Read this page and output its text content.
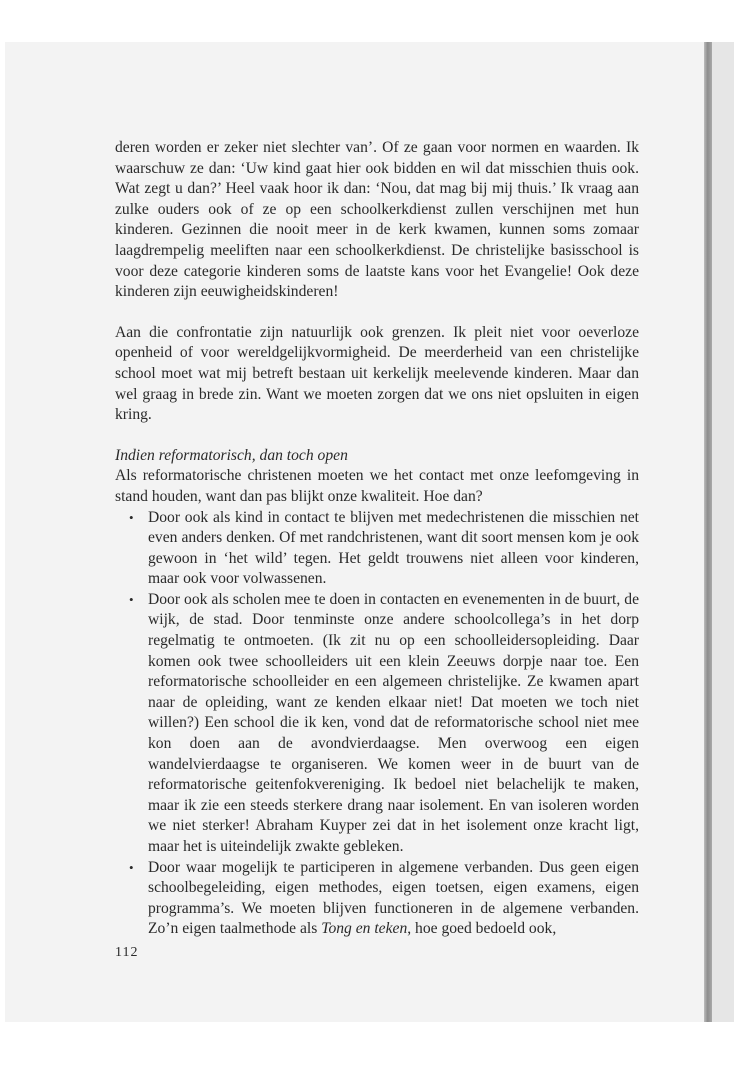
deren worden er zeker niet slechter van’. Of ze gaan voor normen en waarden. Ik waarschuw ze dan: ‘Uw kind gaat hier ook bidden en wil dat misschien thuis ook. Wat zegt u dan?’ Heel vaak hoor ik dan: ‘Nou, dat mag bij mij thuis.’ Ik vraag aan zulke ouders ook of ze op een schoolkerkdienst zullen verschijnen met hun kinderen. Gezinnen die nooit meer in de kerk kwamen, kunnen soms zomaar laagdrempelig meeliften naar een schoolkerkdienst. De christelijke basisschool is voor deze categorie kinderen soms de laatste kans voor het Evangelie! Ook deze kinderen zijn eeuwigheidskinderen!

Aan die confrontatie zijn natuurlijk ook grenzen. Ik pleit niet voor oeverloze openheid of voor wereldgelijkvormigheid. De meerderheid van een christelijke school moet wat mij betreft bestaan uit kerkelijk meelevende kinderen. Maar dan wel graag in brede zin. Want we moeten zorgen dat we ons niet opsluiten in eigen kring.

Indien reformatorisch, dan toch open

Als reformatorische christenen moeten we het contact met onze leefomgeving in stand houden, want dan pas blijkt onze kwaliteit. Hoe dan?

• Door ook als kind in contact te blijven met medechristenen die misschien net even anders denken. Of met randchristenen, want dit soort mensen kom je ook gewoon in ‘het wild’ tegen. Het geldt trouwens niet alleen voor kinderen, maar ook voor volwassenen.
• Door ook als scholen mee te doen in contacten en evenementen in de buurt, de wijk, de stad. Door tenminste onze andere schoolcollega’s in het dorp regelmatig te ontmoeten. (Ik zit nu op een schoolleidersopleiding. Daar komen ook twee schoolleiders uit een klein Zeeuws dorpje naar toe. Een reformatorische schoolleider en een algemeen christelijke. Ze kwamen apart naar de opleiding, want ze kenden elkaar niet! Dat moeten we toch niet willen?) Een school die ik ken, vond dat de reformatorische school niet mee kon doen aan de avondvierdaagse. Men overwoog een eigen wandelvierdaagse te organiseren. We komen weer in de buurt van de reformatorische geitenfokvereniging. Ik bedoel niet belachelijk te maken, maar ik zie een steeds sterkere drang naar isolement. En van isoleren worden we niet sterker! Abraham Kuyper zei dat in het isolement onze kracht ligt, maar het is uiteindelijk zwakte gebleken.
• Door waar mogelijk te participeren in algemene verbanden. Dus geen eigen schoolbegeleiding, eigen methodes, eigen toetsen, eigen examens, eigen programma’s. We moeten blijven functioneren in de algemene verbanden. Zo’n eigen taalmethode als Tong en teken, hoe goed bedoeld ook,
112
